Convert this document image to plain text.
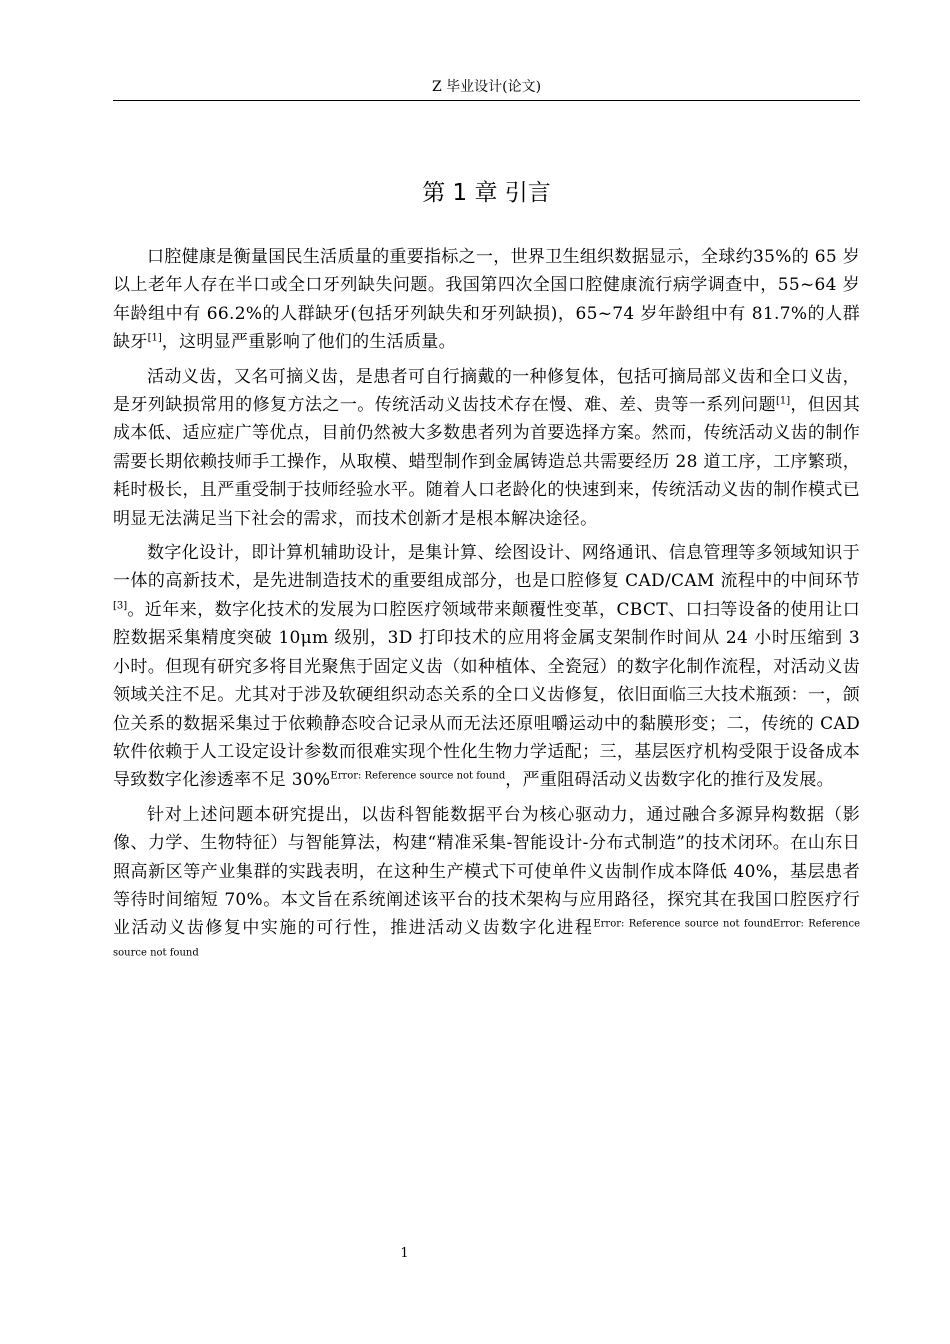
Z 毕业设计(论文)
第 1 章 引言

口腔健康是衡量国民生活质量的重要指标之一，世界卫生组织数据显示，全球约35%的 65 岁以上老年人存在半口或全口牙列缺失问题。我国第四次全国口腔健康流行病学调查中，55~64 岁年龄组中有 66.2%的人群缺牙(包括牙列缺失和牙列缺损)，65~74 岁年龄组中有 81.7%的人群缺牙[1]，这明显严重影响了他们的生活质量。

活动义齿，又名可摘义齿，是患者可自行摘戴的一种修复体，包括可摘局部义齿和全口义齿，是牙列缺损常用的修复方法之一。传统活动义齿技术存在慢、难、差、贵等一系列问题[1]，但因其成本低、适应症广等优点，目前仍然被大多数患者列为首要选择方案。然而，传统活动义齿的制作需要长期依赖技师手工操作，从取模、蜡型制作到金属铸造总共需要经历 28 道工序，工序繁琐，耗时极长，且严重受制于技师经验水平。随着人口老龄化的快速到来，传统活动义齿的制作模式已明显无法满足当下社会的需求，而技术创新才是根本解决途径。

数字化设计，即计算机辅助设计，是集计算、绘图设计、网络通讯、信息管理等多领域知识于一体的高新技术，是先进制造技术的重要组成部分，也是口腔修复 CAD/CAM 流程中的中间环节[3]。近年来，数字化技术的发展为口腔医疗领域带来颠覆性变革，CBCT、口扫等设备的使用让口腔数据采集精度突破 10μm 级别，3D 打印技术的应用将金属支架制作时间从 24 小时压缩到 3 小时。但现有研究多将目光聚焦于固定义齿（如种植体、全瓷冠）的数字化制作流程，对活动义齿领域关注不足。尤其对于涉及软硬组织动态关系的全口义齿修复，依旧面临三大技术瓶颈：一，颌位关系的数据采集过于依赖静态咬合记录从而无法还原咀嚼运动中的黏膜形变；二，传统的 CAD 软件依赖于人工设定设计参数而很难实现个性化生物力学适配；三，基层医疗机构受限于设备成本导致数字化渗透率不足 30%$^{Error: Reference source not found}$，严重阻碍活动义齿数字化的推行及发展。

针对上述问题本研究提出，以齿科智能数据平台为核心驱动力，通过融合多源异构数据（影像、力学、生物特征）与智能算法，构建“精准采集-智能设计-分布式制造”的技术闭环。在山东日照高新区等产业集群的实践表明，在这种生产模式下可使单件义齿制作成本降低 40%，基层患者等待时间缩短 70%。本文旨在系统阐述该平台的技术架构与应用路径，探究其在我国口腔医疗行业活动义齿修复中实施的可行性，推进活动义齿数字化进程$^{Error: Reference source not foundError: Reference source not found}$

1
